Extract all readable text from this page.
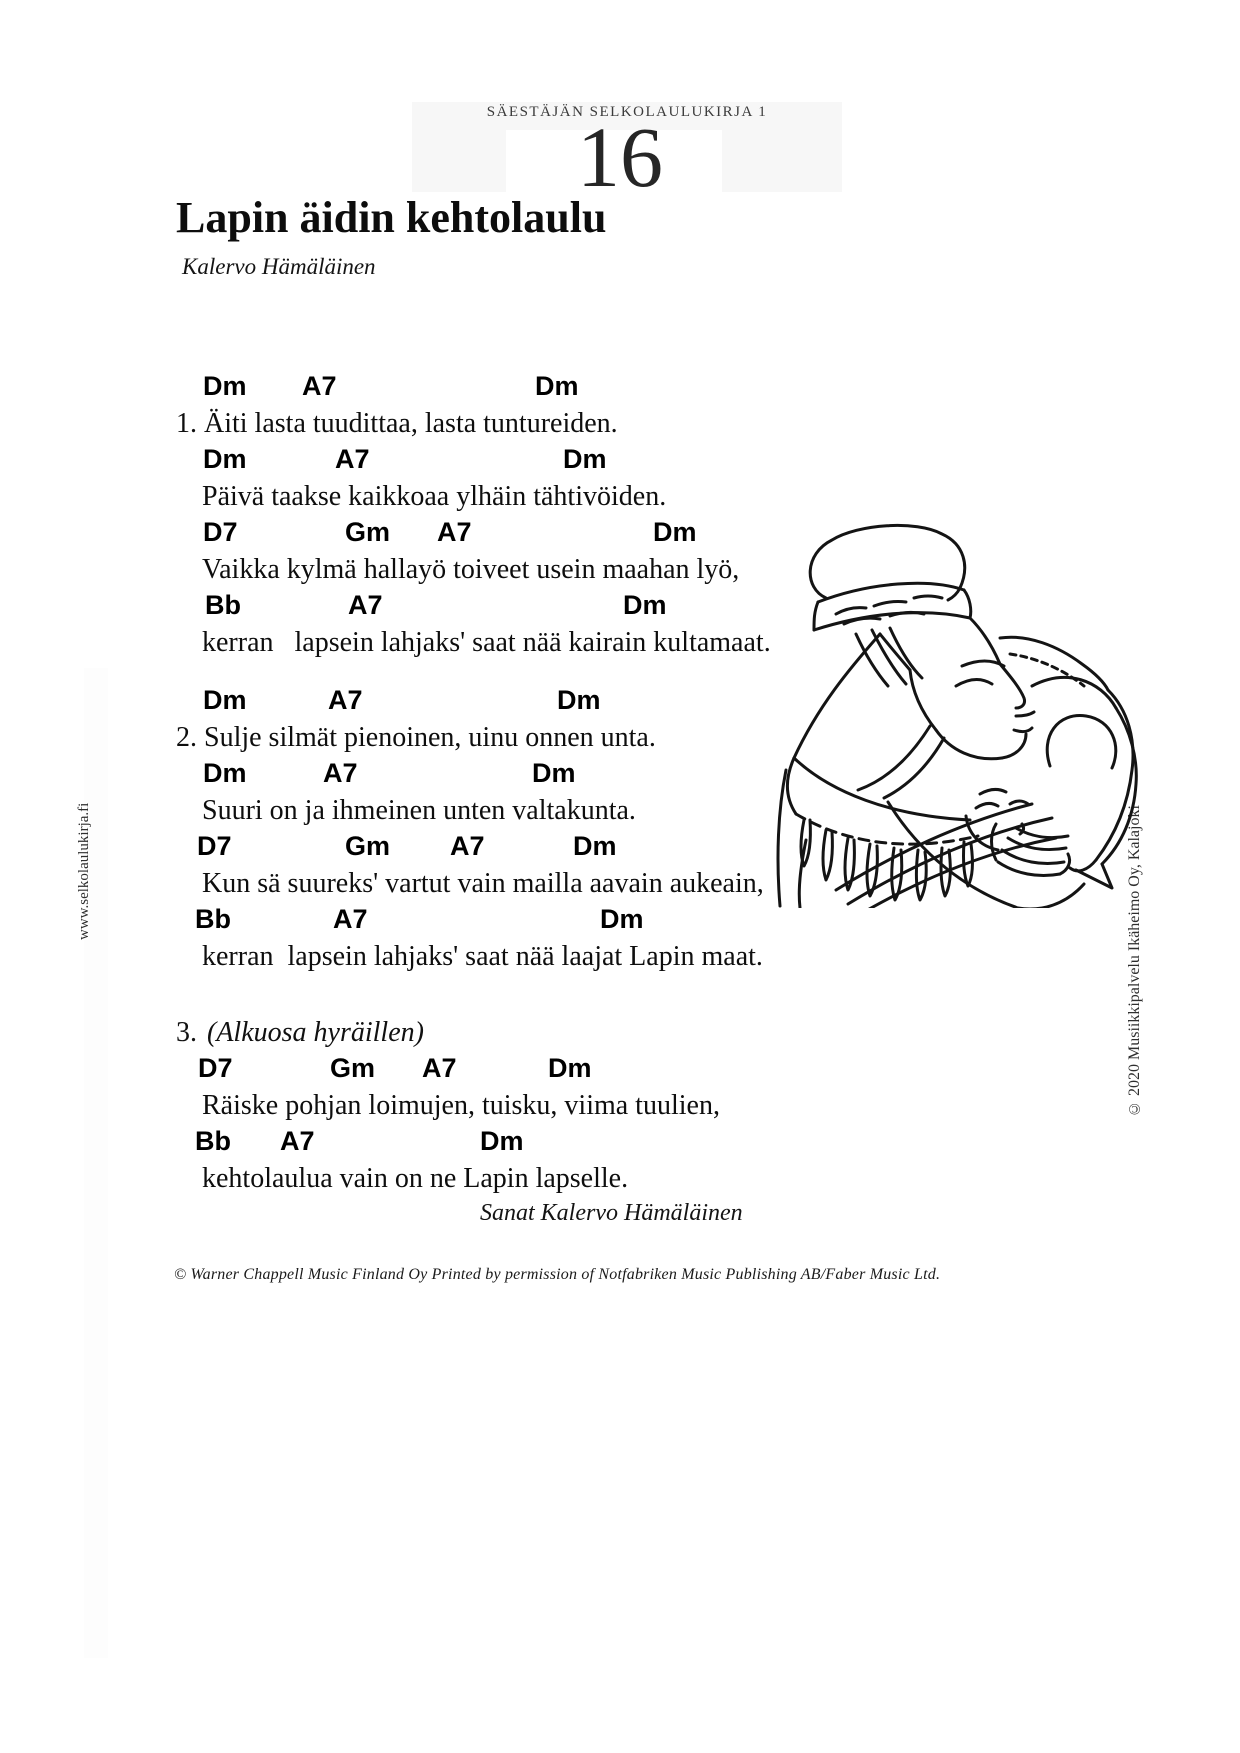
SÄESTÄJÄN SELKOLAULUKIRJA 1
16
Lapin äidin kehtolaulu
Kalervo Hämäläinen
Dm A7	Dm
1. Äiti lasta tuudittaa, lasta tuntureiden.
Dm	A7	Dm
Päivä taakse kaikkoaa ylhäin tähtivöiden.
D7	Gm A7	Dm
Vaikka kylmä hallayö toiveet usein maahan lyö,
Bb	A7	Dm
kerran   lapsein lahjaks' saat nää kairain kultamaat.
Dm	A7	Dm
2. Sulje silmät pienoinen, uinu onnen unta.
Dm	A7	Dm
Suuri on ja ihmeinen unten valtakunta.
D7	Gm A7	Dm
Kun sä suureks' vartut vain mailla aavain aukeain,
Bb	A7	Dm
kerran  lapsein lahjaks' saat nää laajat Lapin maat.
3. (Alkuosa hyräillen)
D7	Gm A7	Dm
Räiske pohjan loimujen, tuisku, viima tuulien,
Bb A7	Dm
kehtolaulua vain on ne Lapin lapselle.
Sanat Kalervo Hämäläinen
© Warner Chappell Music Finland Oy Printed by permission of Notfabriken Music Publishing AB/Faber Music Ltd.
www.selkolaulukirja.fi	© 2020 Musiikkipalvelu Ikäheimo Oy, Kalajoki
